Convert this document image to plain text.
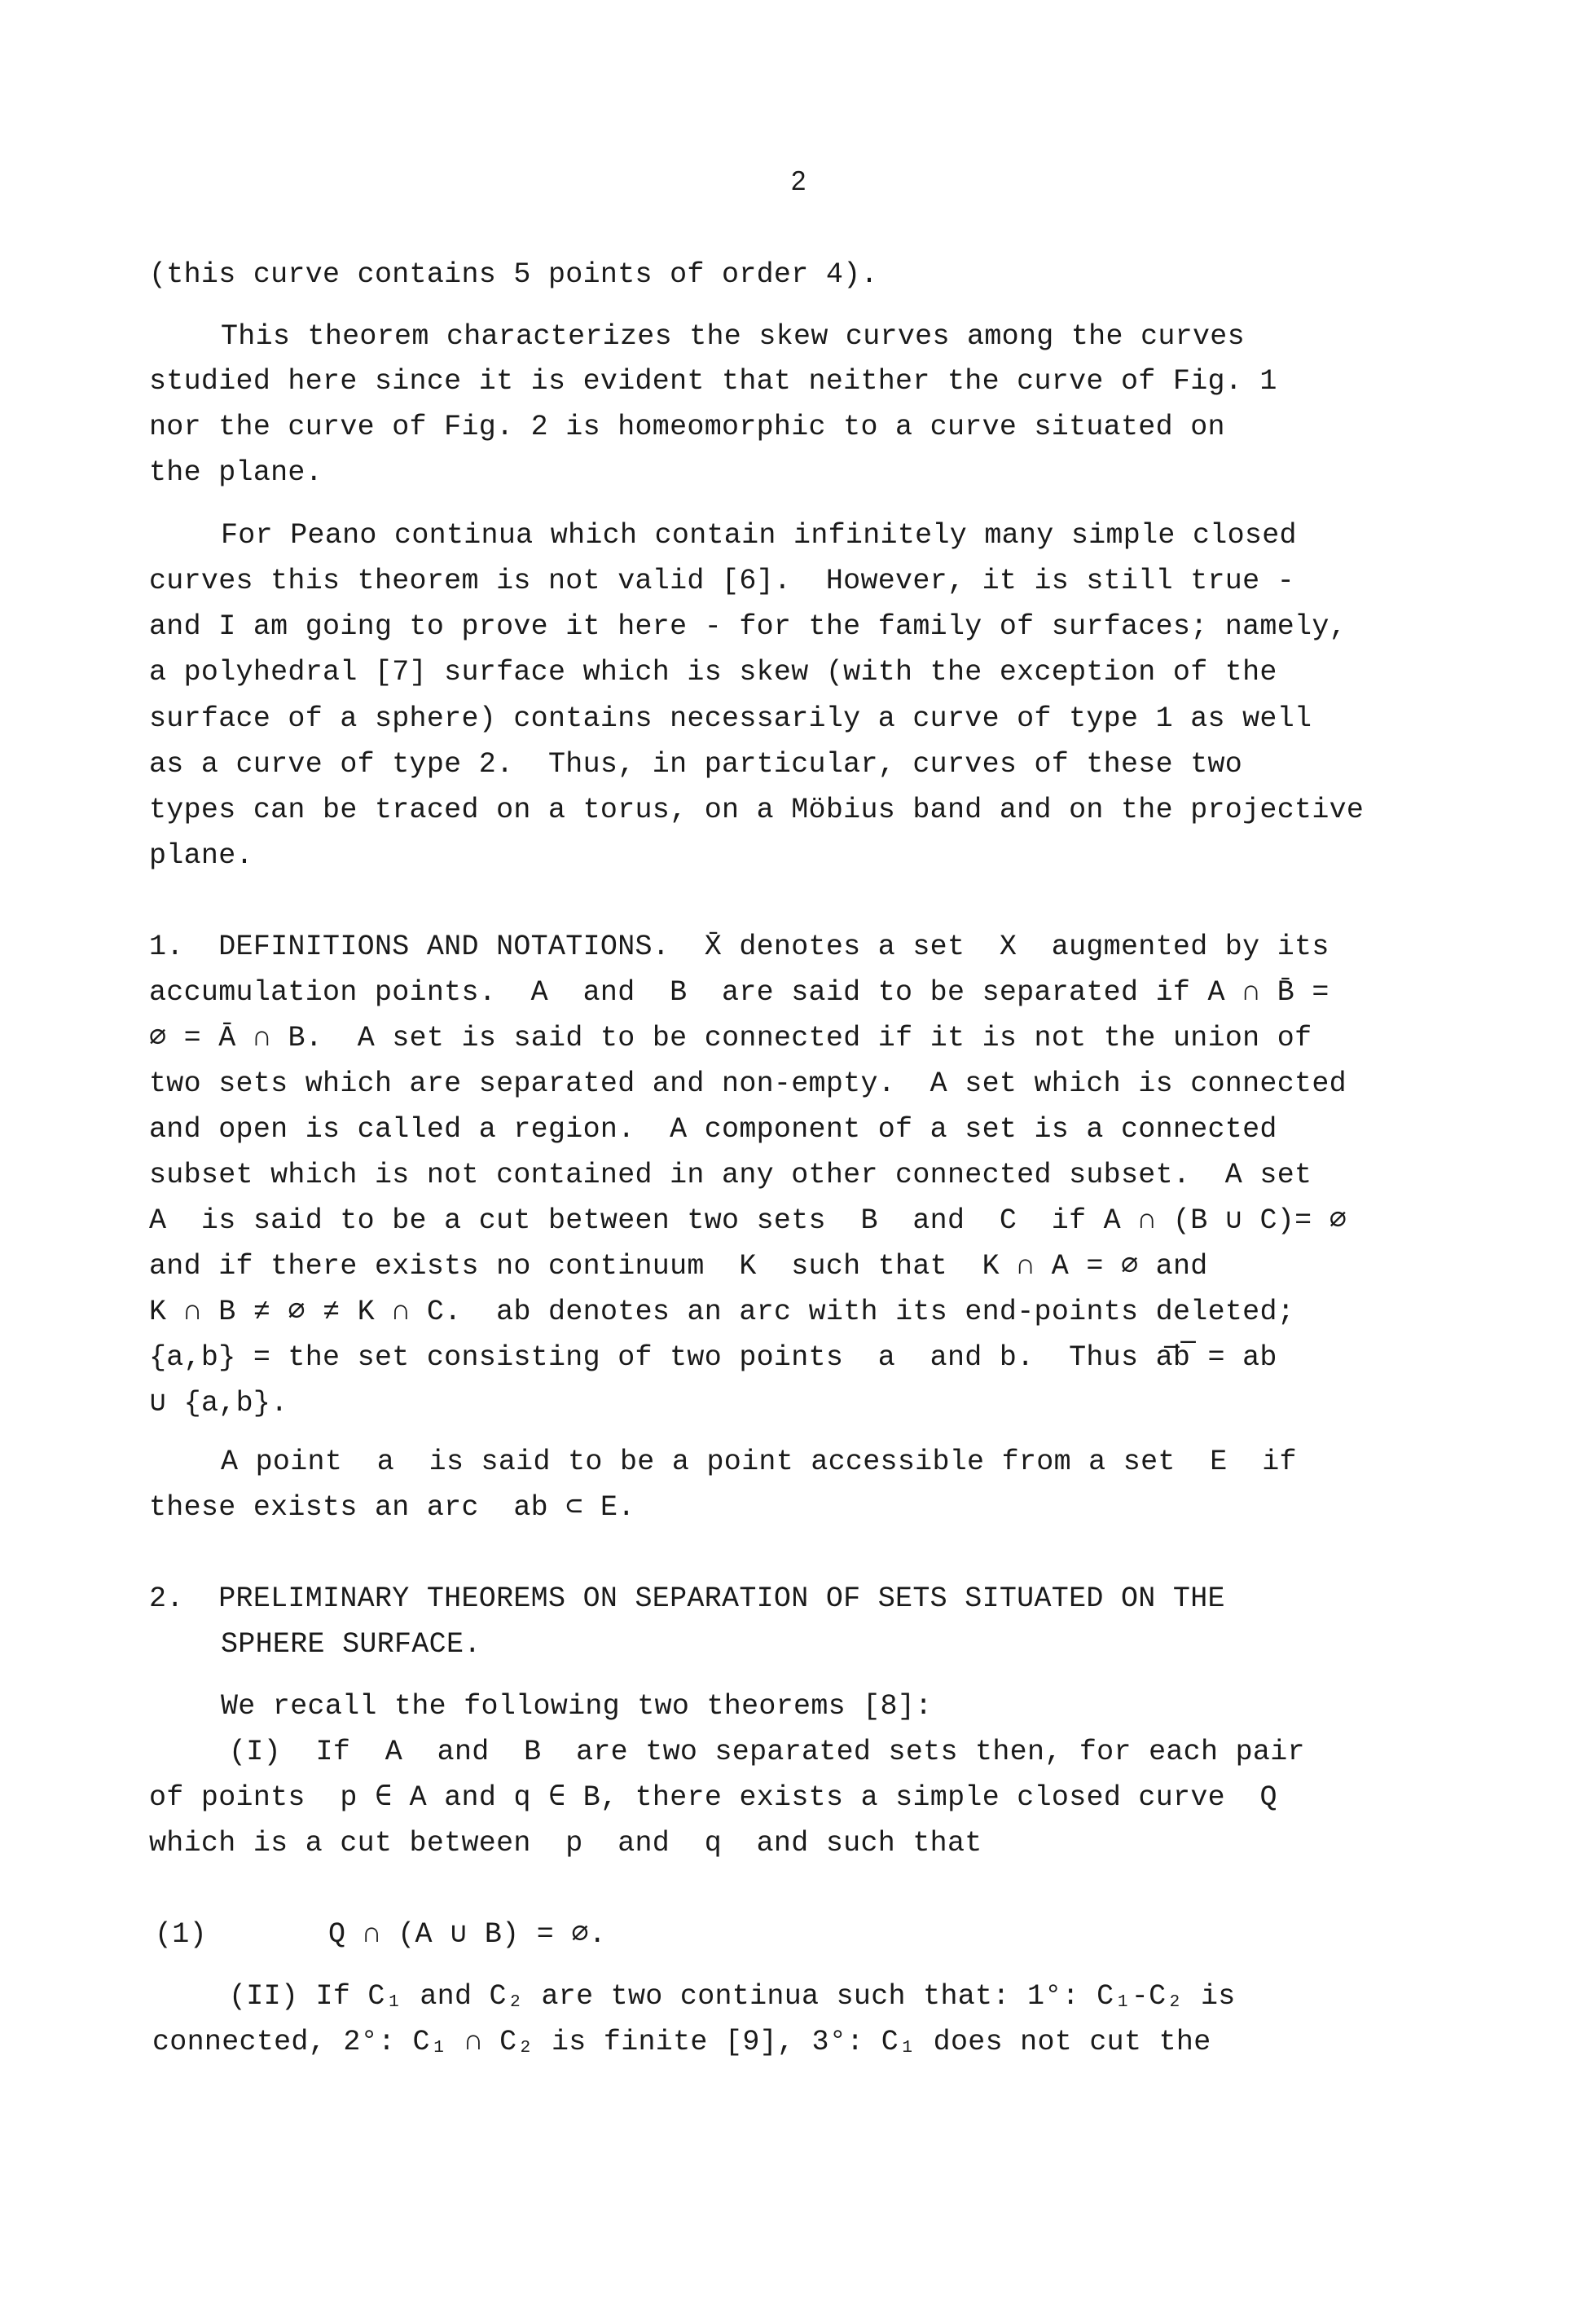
2
(this curve contains 5 points of order 4).
This theorem characterizes the skew curves among the curves
studied here since it is evident that neither the curve of Fig. 1
nor the curve of Fig. 2 is homeomorphic to a curve situated on
the plane.
For Peano continua which contain infinitely many simple closed
curves this theorem is not valid [6].  However, it is still true -
and I am going to prove it here - for the family of surfaces; namely,
a polyhedral [7] surface which is skew (with the exception of the
surface of a sphere) contains necessarily a curve of type 1 as well
as a curve of type 2.  Thus, in particular, curves of these two
types can be traced on a torus, on a Möbius band and on the projective
plane.
1.  DEFINITIONS AND NOTATIONS.  X̄ denotes a set  X  augmented by its
accumulation points.  A  and  B  are said to be separated if A ∩ B̄ =
∅ = Ā ∩ B.  A set is said to be connected if it is not the union of
two sets which are separated and non-empty.  A set which is connected
and open is called a region.  A component of a set is a connected
subset which is not contained in any other connected subset.  A set
A  is said to be a cut between two sets  B  and  C  if A ∩ (B ∪ C)= ∅
and if there exists no continuum  K  such that  K ∩ A = ∅ and
K ∩ B ≠ ∅ ≠ K ∩ C.  ab denotes an arc with its end-points deleted;
{a,b} = the set consisting of two points  a  and b.  Thus a͞b͞ = ab
∪ {a,b}.
A point  a  is said to be a point accessible from a set  E  if
these exists an arc  ab ⊂ E.
2.  PRELIMINARY THEOREMS ON SEPARATION OF SETS SITUATED ON THE
SPHERE SURFACE.
We recall the following two theorems [8]:
(I)  If  A  and  B  are two separated sets then, for each pair
of points  p ∈ A and q ∈ B, there exists a simple closed curve  Q
which is a cut between  p  and  q  and such that
(1)       Q ∩ (A ∪ B) = ∅.
(II) If C₁ and C₂ are two continua such that: 1°: C₁-C₂ is
connected, 2°: C₁ ∩ C₂ is finite [9], 3°: C₁ does not cut the
